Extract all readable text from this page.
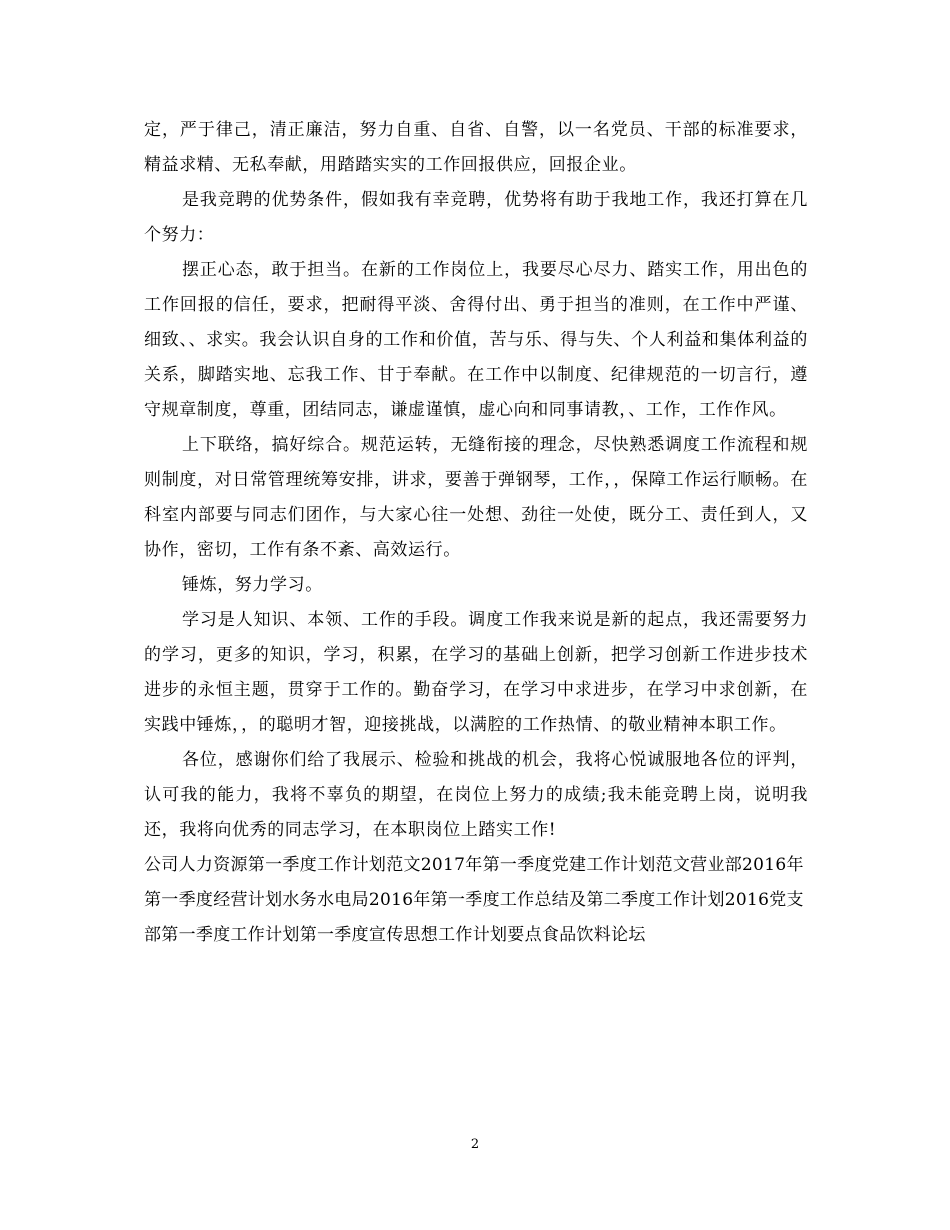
定，严于律己，清正廉洁，努力自重、自省、自警，以一名党员、干部的标准要求，精益求精、无私奉献，用踏踏实实的工作回报供应，回报企业。

是我竞聘的优势条件，假如我有幸竞聘，优势将有助于我地工作，我还打算在几个努力：

摆正心态，敢于担当。在新的工作岗位上，我要尽心尽力、踏实工作，用出色的工作回报的信任，要求，把耐得平淡、舍得付出、勇于担当的准则，在工作中严谨、细致、、求实。我会认识自身的工作和价值，苦与乐、得与失、个人利益和集体利益的关系，脚踏实地、忘我工作、甘于奉献。在工作中以制度、纪律规范的一切言行，遵守规章制度，尊重，团结同志，谦虚谨慎，虚心向和同事请教，、工作，工作作风。

上下联络，搞好综合。规范运转，无缝衔接的理念，尽快熟悉调度工作流程和规则制度，对日常管理统筹安排，讲求，要善于弹钢琴，工作，，保障工作运行顺畅。在科室内部要与同志们团作，与大家心往一处想、劲往一处使，既分工、责任到人，又协作，密切，工作有条不紊、高效运行。

锤炼，努力学习。

学习是人知识、本领、工作的手段。调度工作我来说是新的起点，我还需要努力的学习，更多的知识，学习，积累，在学习的基础上创新，把学习创新工作进步技术进步的永恒主题，贯穿于工作的。勤奋学习，在学习中求进步，在学习中求创新，在实践中锤炼，，的聪明才智，迎接挑战，以满腔的工作热情、的敬业精神本职工作。

各位，感谢你们给了我展示、检验和挑战的机会，我将心悦诚服地各位的评判，认可我的能力，我将不辜负的期望，在岗位上努力的成绩;我未能竞聘上岗，说明我还，我将向优秀的同志学习，在本职岗位上踏实工作!

公司人力资源第一季度工作计划范文2017年第一季度党建工作计划范文营业部2016年第一季度经营计划水务水电局2016年第一季度工作总结及第二季度工作计划2016党支部第一季度工作计划第一季度宣传思想工作计划要点食品饮料论坛

2
